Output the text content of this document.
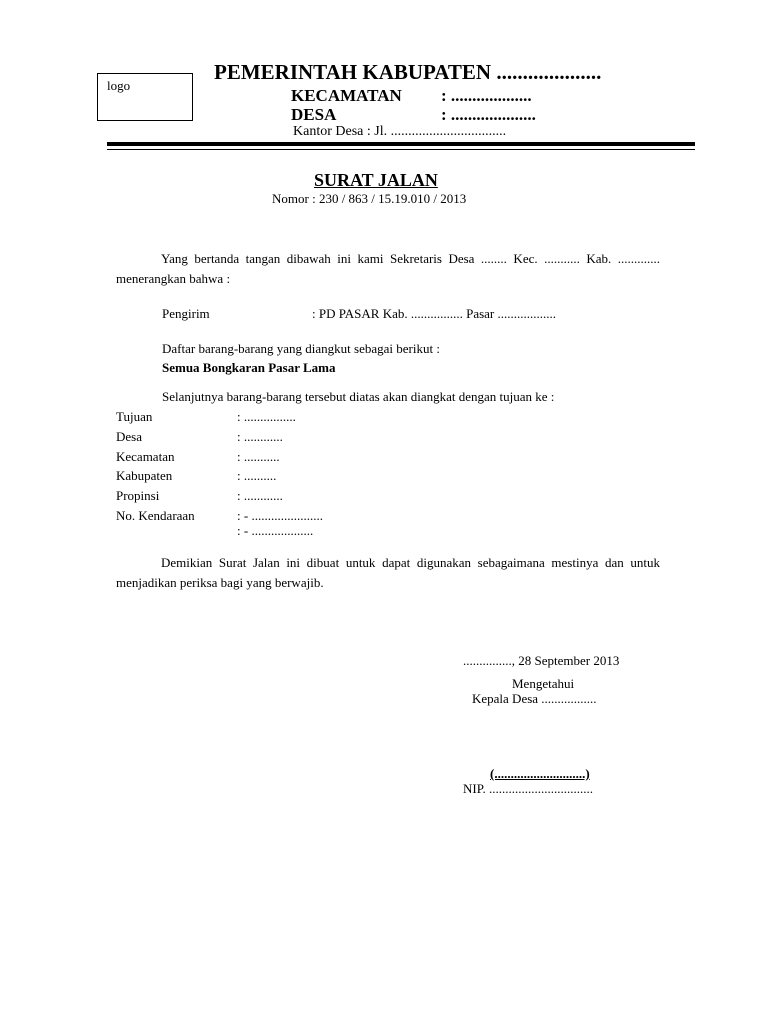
logo
PEMERINTAH KABUPATEN ....................
KECAMATAN : ...................
DESA	: ....................
Kantor Desa : Jl. .................................
SURAT JALAN
Nomor : 230 / 863 / 15.19.010 / 2013
Yang bertanda tangan dibawah ini kami Sekretaris Desa ........ Kec. ........... Kab. ............. menerangkan bahwa :
Pengirim	: PD PASAR Kab. ................ Pasar ..................
Daftar barang-barang yang diangkut sebagai berikut :
Semua Bongkaran Pasar Lama
Selanjutnya barang-barang tersebut diatas akan diangkat dengan tujuan ke :
Tujuan	: ................
Desa	: ............
Kecamatan	: ...........
Kabupaten	: ..........
Propinsi	: ............
No. Kendaraan	: - ......................
: - ...................
Demikian Surat Jalan ini dibuat untuk dapat digunakan sebagaimana mestinya dan untuk menjadikan periksa bagi yang berwajib.
..............., 28 September 2013
Mengetahui
Kepala Desa .................
(............................)
NIP. ................................
